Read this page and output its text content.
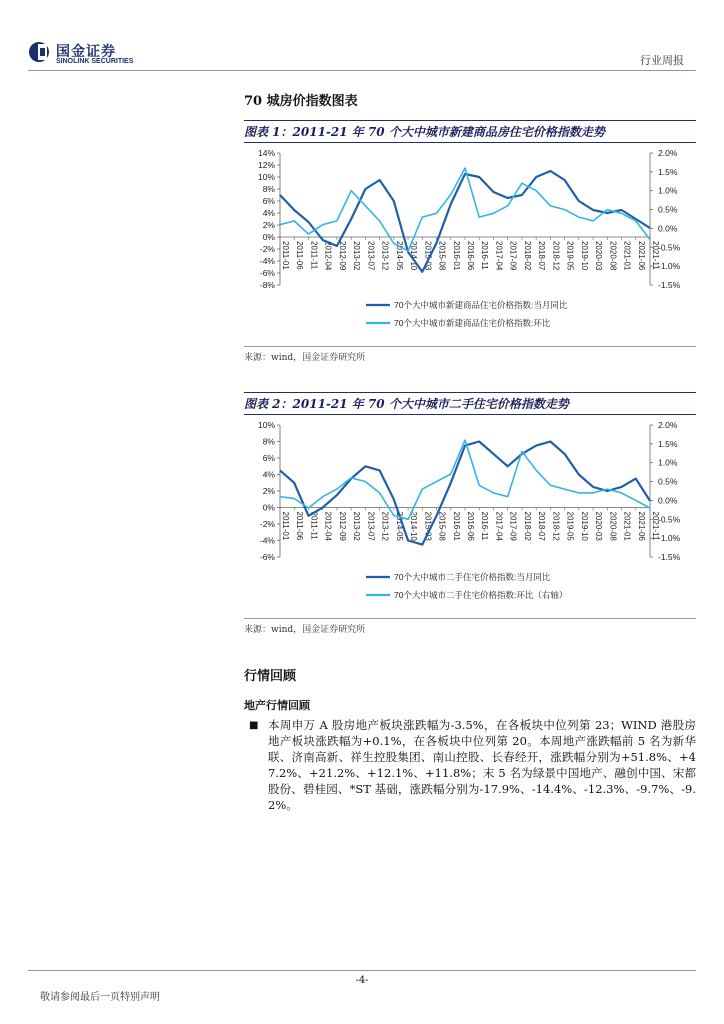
国金证券
SINOLINK SECURITIES	行业周报
70 城房价指数图表
图表 1：2011-21 年 70 个大中城市新建商品房住宅价格指数走势
14%
12%
10%
8%
6%
4%
2%
0%
-2%
-4%
-6%
-8%
2.0%
1.5%
1.0%
0.5%
0.0%
-0.5%
-1.0%
-1.5%
2011-01 2011-06 2011-11 2012-04 2012-09 2013-02 2013-07 2013-12 2014-05 2014-10 2015-03 2015-08 2016-01 2016-06 2016-11 2017-04 2017-09 2018-02 2018-07 2018-12 2019-05 2019-10 2020-03 2020-08 2021-01 2021-06 2021-11
70个大中城市新建商品住宅价格指数:当月同比
70个大中城市新建商品住宅价格指数:环比
来源：wind，国金证券研究所
图表 2：2011-21 年 70 个大中城市二手住宅价格指数走势
10%
8%
6%
4%
2%
0%
-2%
-4%
-6%
2.0%
1.5%
1.0%
0.5%
0.0%
-0.5%
-1.0%
-1.5%
2011-01 2011-06 2011-11 2012-04 2012-09 2013-02 2013-07 2013-12 2014-05 2014-10 2015-03 2015-08 2016-01 2016-06 2016-11 2017-04 2017-09 2018-02 2018-07 2018-12 2019-05 2019-10 2020-03 2020-08 2021-01 2021-06 2021-11
70个大中城市二手住宅价格指数:当月同比
70个大中城市二手住宅价格指数:环比（右轴）
来源：wind，国金证券研究所
行情回顾
地产行情回顾
■ 本周申万 A 股房地产板块涨跌幅为-3.5%，在各板块中位列第 23；WIND 港股房地产板块涨跌幅为+0.1%，在各板块中位列第 20。本周地产涨跌幅前 5 名为新华联、济南高新、祥生控股集团、南山控股、长春经开，涨跌幅分别为+51.8%、+47.2%、+21.2%、+12.1%、+11.8%；末 5 名为绿景中国地产、融创中国、宋都股份、碧桂园、*ST 基础，涨跌幅分别为-17.9%、-14.4%、-12.3%、-9.7%、-9.2%。
-4-
敬请参阅最后一页特别声明
